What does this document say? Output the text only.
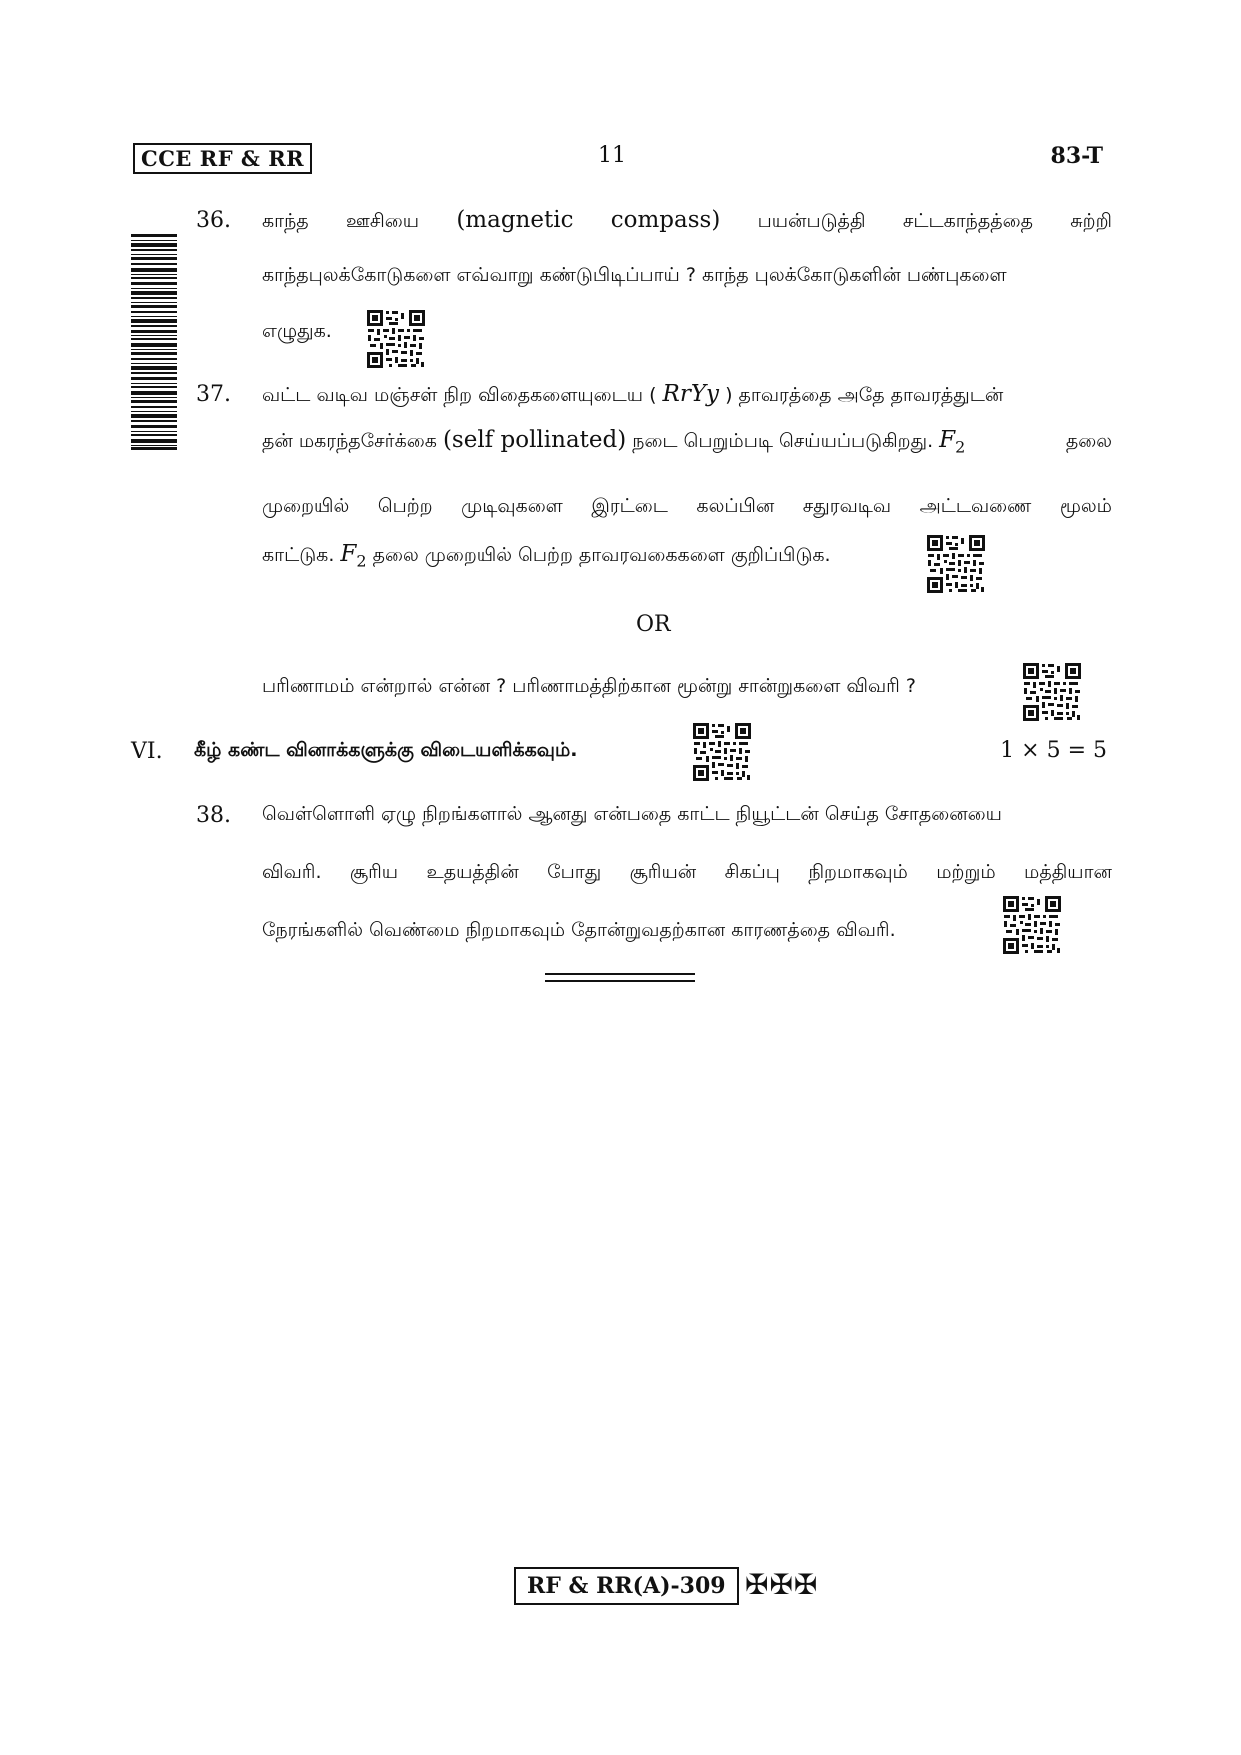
CCE RF & RR	11	83-T
36. காந்த ஊசியை (magnetic compass) பயன்படுத்தி சட்டகாந்தத்தை சுற்றி
காந்தபுலக்கோடுகளை எவ்வாறு கண்டுபிடிப்பாய் ? காந்த புலக்கோடுகளின் பண்புகளை
எழுதுக.
37. வட்ட வடிவ மஞ்சள் நிற விதைகளையுடைய ( RrYy ) தாவரத்தை அதே தாவரத்துடன்
தன் மகரந்தசேர்க்கை (self pollinated) நடை பெறும்படி செய்யப்படுகிறது. $F_2$	தலை
முறையில் பெற்ற முடிவுகளை இரட்டை கலப்பின சதுரவடிவ அட்டவணை மூலம்
காட்டுக. $F_2$ தலை முறையில் பெற்ற தாவரவகைகளை குறிப்பிடுக.
OR
பரிணாமம் என்றால் என்ன ? பரிணாமத்திற்கான மூன்று சான்றுகளை விவரி ?
VI. கீழ் கண்ட வினாக்களுக்கு விடையளிக்கவும்.	1 × 5 = 5
38. வெள்ளொளி ஏழு நிறங்களால் ஆனது என்பதை காட்ட நியூட்டன் செய்த சோதனையை
விவரி. சூரிய உதயத்தின் போது சூரியன் சிகப்பு நிறமாகவும் மற்றும் மத்தியான
நேரங்களில் வெண்மை நிறமாகவும் தோன்றுவதற்கான காரணத்தை விவரி.
RF & RR(A)-309 ✠✠✠
